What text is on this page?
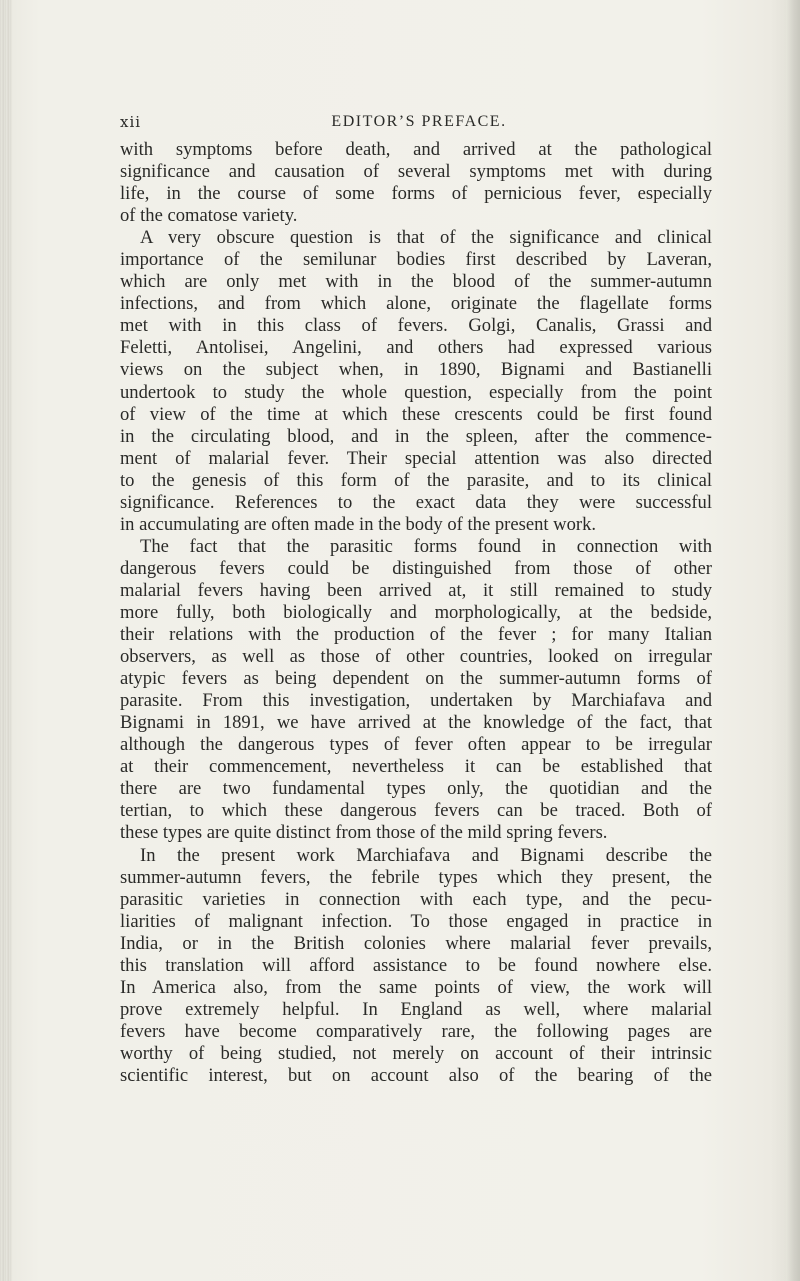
xii	EDITOR’S PREFACE.
with symptoms before death, and arrived at the pathological
significance and causation of several symptoms met with during
life, in the course of some forms of pernicious fever, especially
of the comatose variety.
A very obscure question is that of the significance and clinical
importance of the semilunar bodies first described by Laveran,
which are only met with in the blood of the summer-autumn
infections, and from which alone, originate the flagellate forms
met with in this class of fevers. Golgi, Canalis, Grassi and
Feletti, Antolisei, Angelini, and others had expressed various
views on the subject when, in 1890, Bignami and Bastianelli
undertook to study the whole question, especially from the point
of view of the time at which these crescents could be first found
in the circulating blood, and in the spleen, after the commence-
ment of malarial fever. Their special attention was also directed
to the genesis of this form of the parasite, and to its clinical
significance. References to the exact data they were successful
in accumulating are often made in the body of the present work.
The fact that the parasitic forms found in connection with
dangerous fevers could be distinguished from those of other
malarial fevers having been arrived at, it still remained to study
more fully, both biologically and morphologically, at the bedside,
their relations with the production of the fever ; for many Italian
observers, as well as those of other countries, looked on irregular
atypic fevers as being dependent on the summer-autumn forms of
parasite. From this investigation, undertaken by Marchiafava and
Bignami in 1891, we have arrived at the knowledge of the fact, that
although the dangerous types of fever often appear to be irregular
at their commencement, nevertheless it can be established that
there are two fundamental types only, the quotidian and the
tertian, to which these dangerous fevers can be traced. Both of
these types are quite distinct from those of the mild spring fevers.
In the present work Marchiafava and Bignami describe the
summer-autumn fevers, the febrile types which they present, the
parasitic varieties in connection with each type, and the pecu-
liarities of malignant infection. To those engaged in practice in
India, or in the British colonies where malarial fever prevails,
this translation will afford assistance to be found nowhere else.
In America also, from the same points of view, the work will
prove extremely helpful. In England as well, where malarial
fevers have become comparatively rare, the following pages are
worthy of being studied, not merely on account of their intrinsic
scientific interest, but on account also of the bearing of the
